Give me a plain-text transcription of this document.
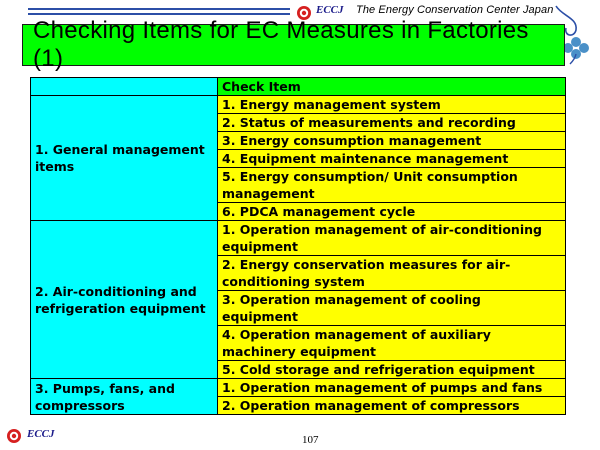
ECCJ The Energy Conservation Center Japan
Checking Items for EC Measures in Factories (1)
	Check Item
1. General management items	1. Energy management system
	2. Status of measurements and recording
	3. Energy consumption management
	4. Equipment maintenance management
	5. Energy consumption/ Unit consumption management
	6. PDCA management cycle
2. Air-conditioning and refrigeration equipment	1. Operation management of air-conditioning equipment
	2. Energy conservation measures for air-conditioning system
	3. Operation management of cooling equipment
	4. Operation management of auxiliary machinery equipment
	5. Cold storage and refrigeration equipment
3. Pumps, fans, and compressors	1. Operation management of pumps and fans
	2. Operation management of compressors
ECCJ	107
